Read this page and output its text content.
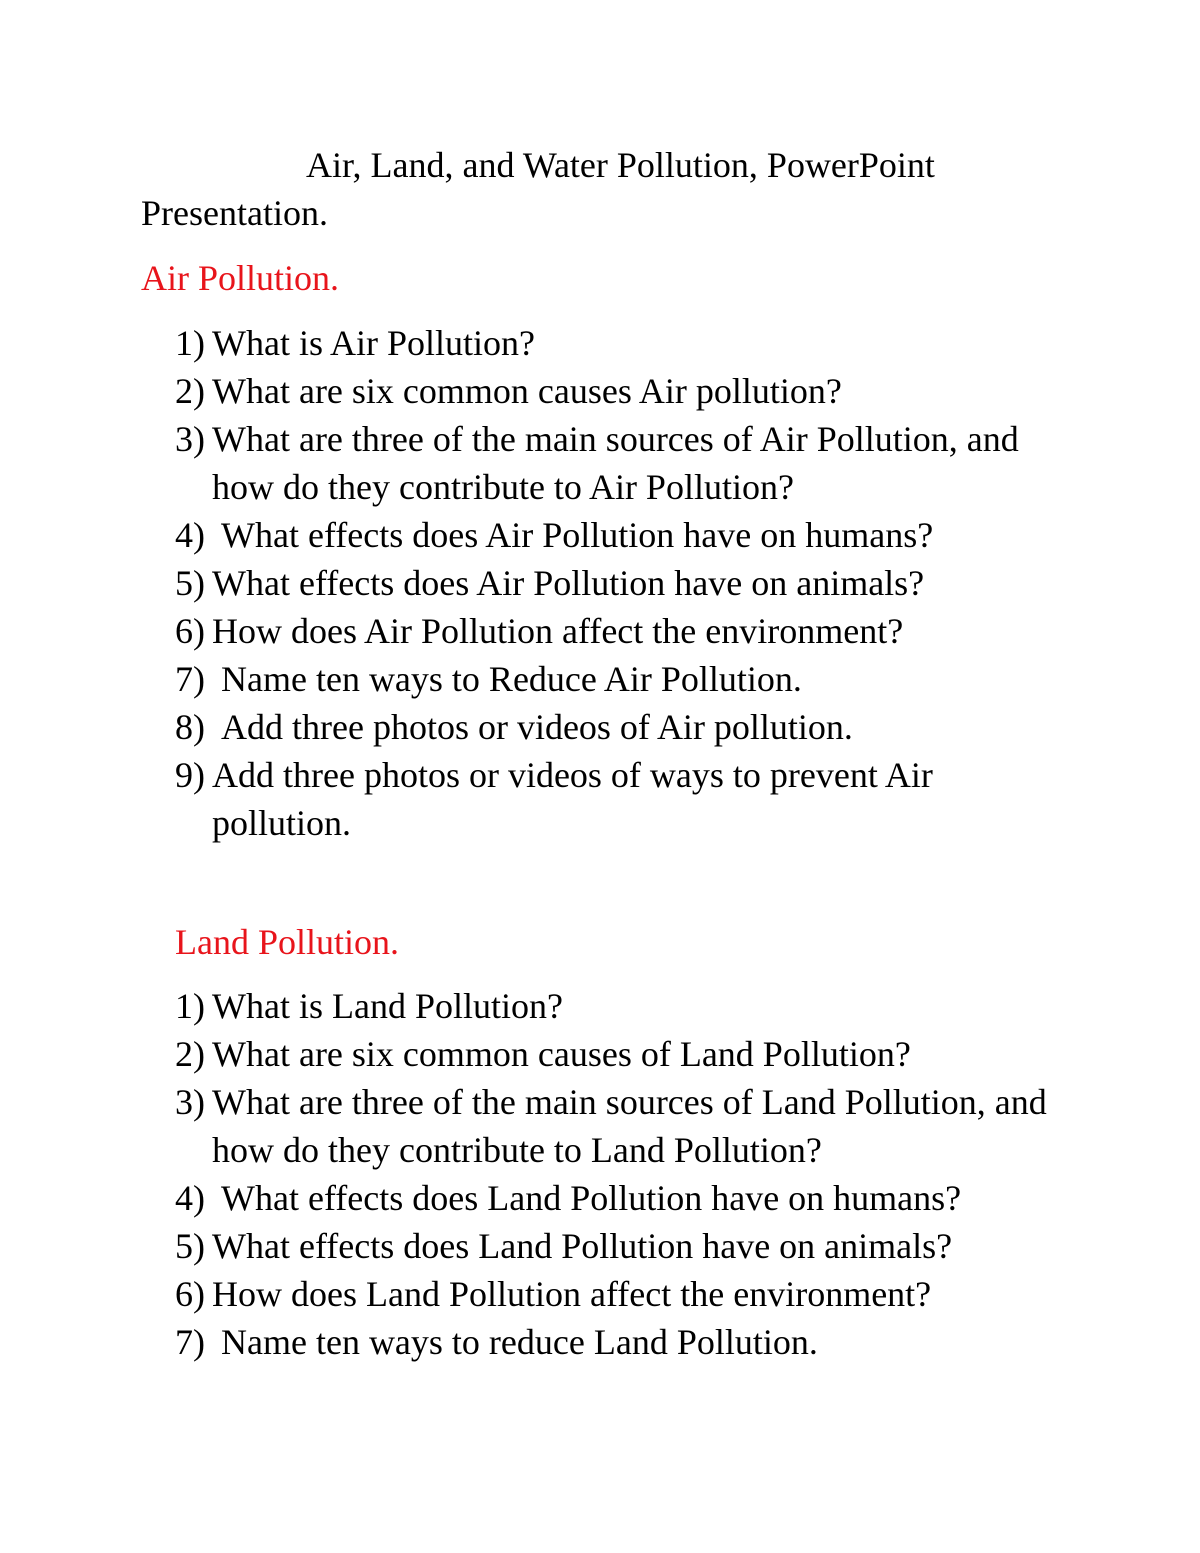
Air, Land, and Water Pollution, PowerPoint
Presentation.
Air Pollution.
1) What is Air Pollution?
2) What are six common causes Air pollution?
3) What are three of the main sources of Air Pollution, and how do they contribute to Air Pollution?
4) What effects does Air Pollution have on humans?
5) What effects does Air Pollution have on animals?
6) How does Air Pollution affect the environment?
7) Name ten ways to Reduce Air Pollution.
8) Add three photos or videos of Air pollution.
9) Add three photos or videos of ways to prevent Air pollution.
Land Pollution.
1) What is Land Pollution?
2) What are six common causes of Land Pollution?
3) What are three of the main sources of Land Pollution, and how do they contribute to Land Pollution?
4) What effects does Land Pollution have on humans?
5) What effects does Land Pollution have on animals?
6) How does Land Pollution affect the environment?
7) Name ten ways to reduce Land Pollution.
